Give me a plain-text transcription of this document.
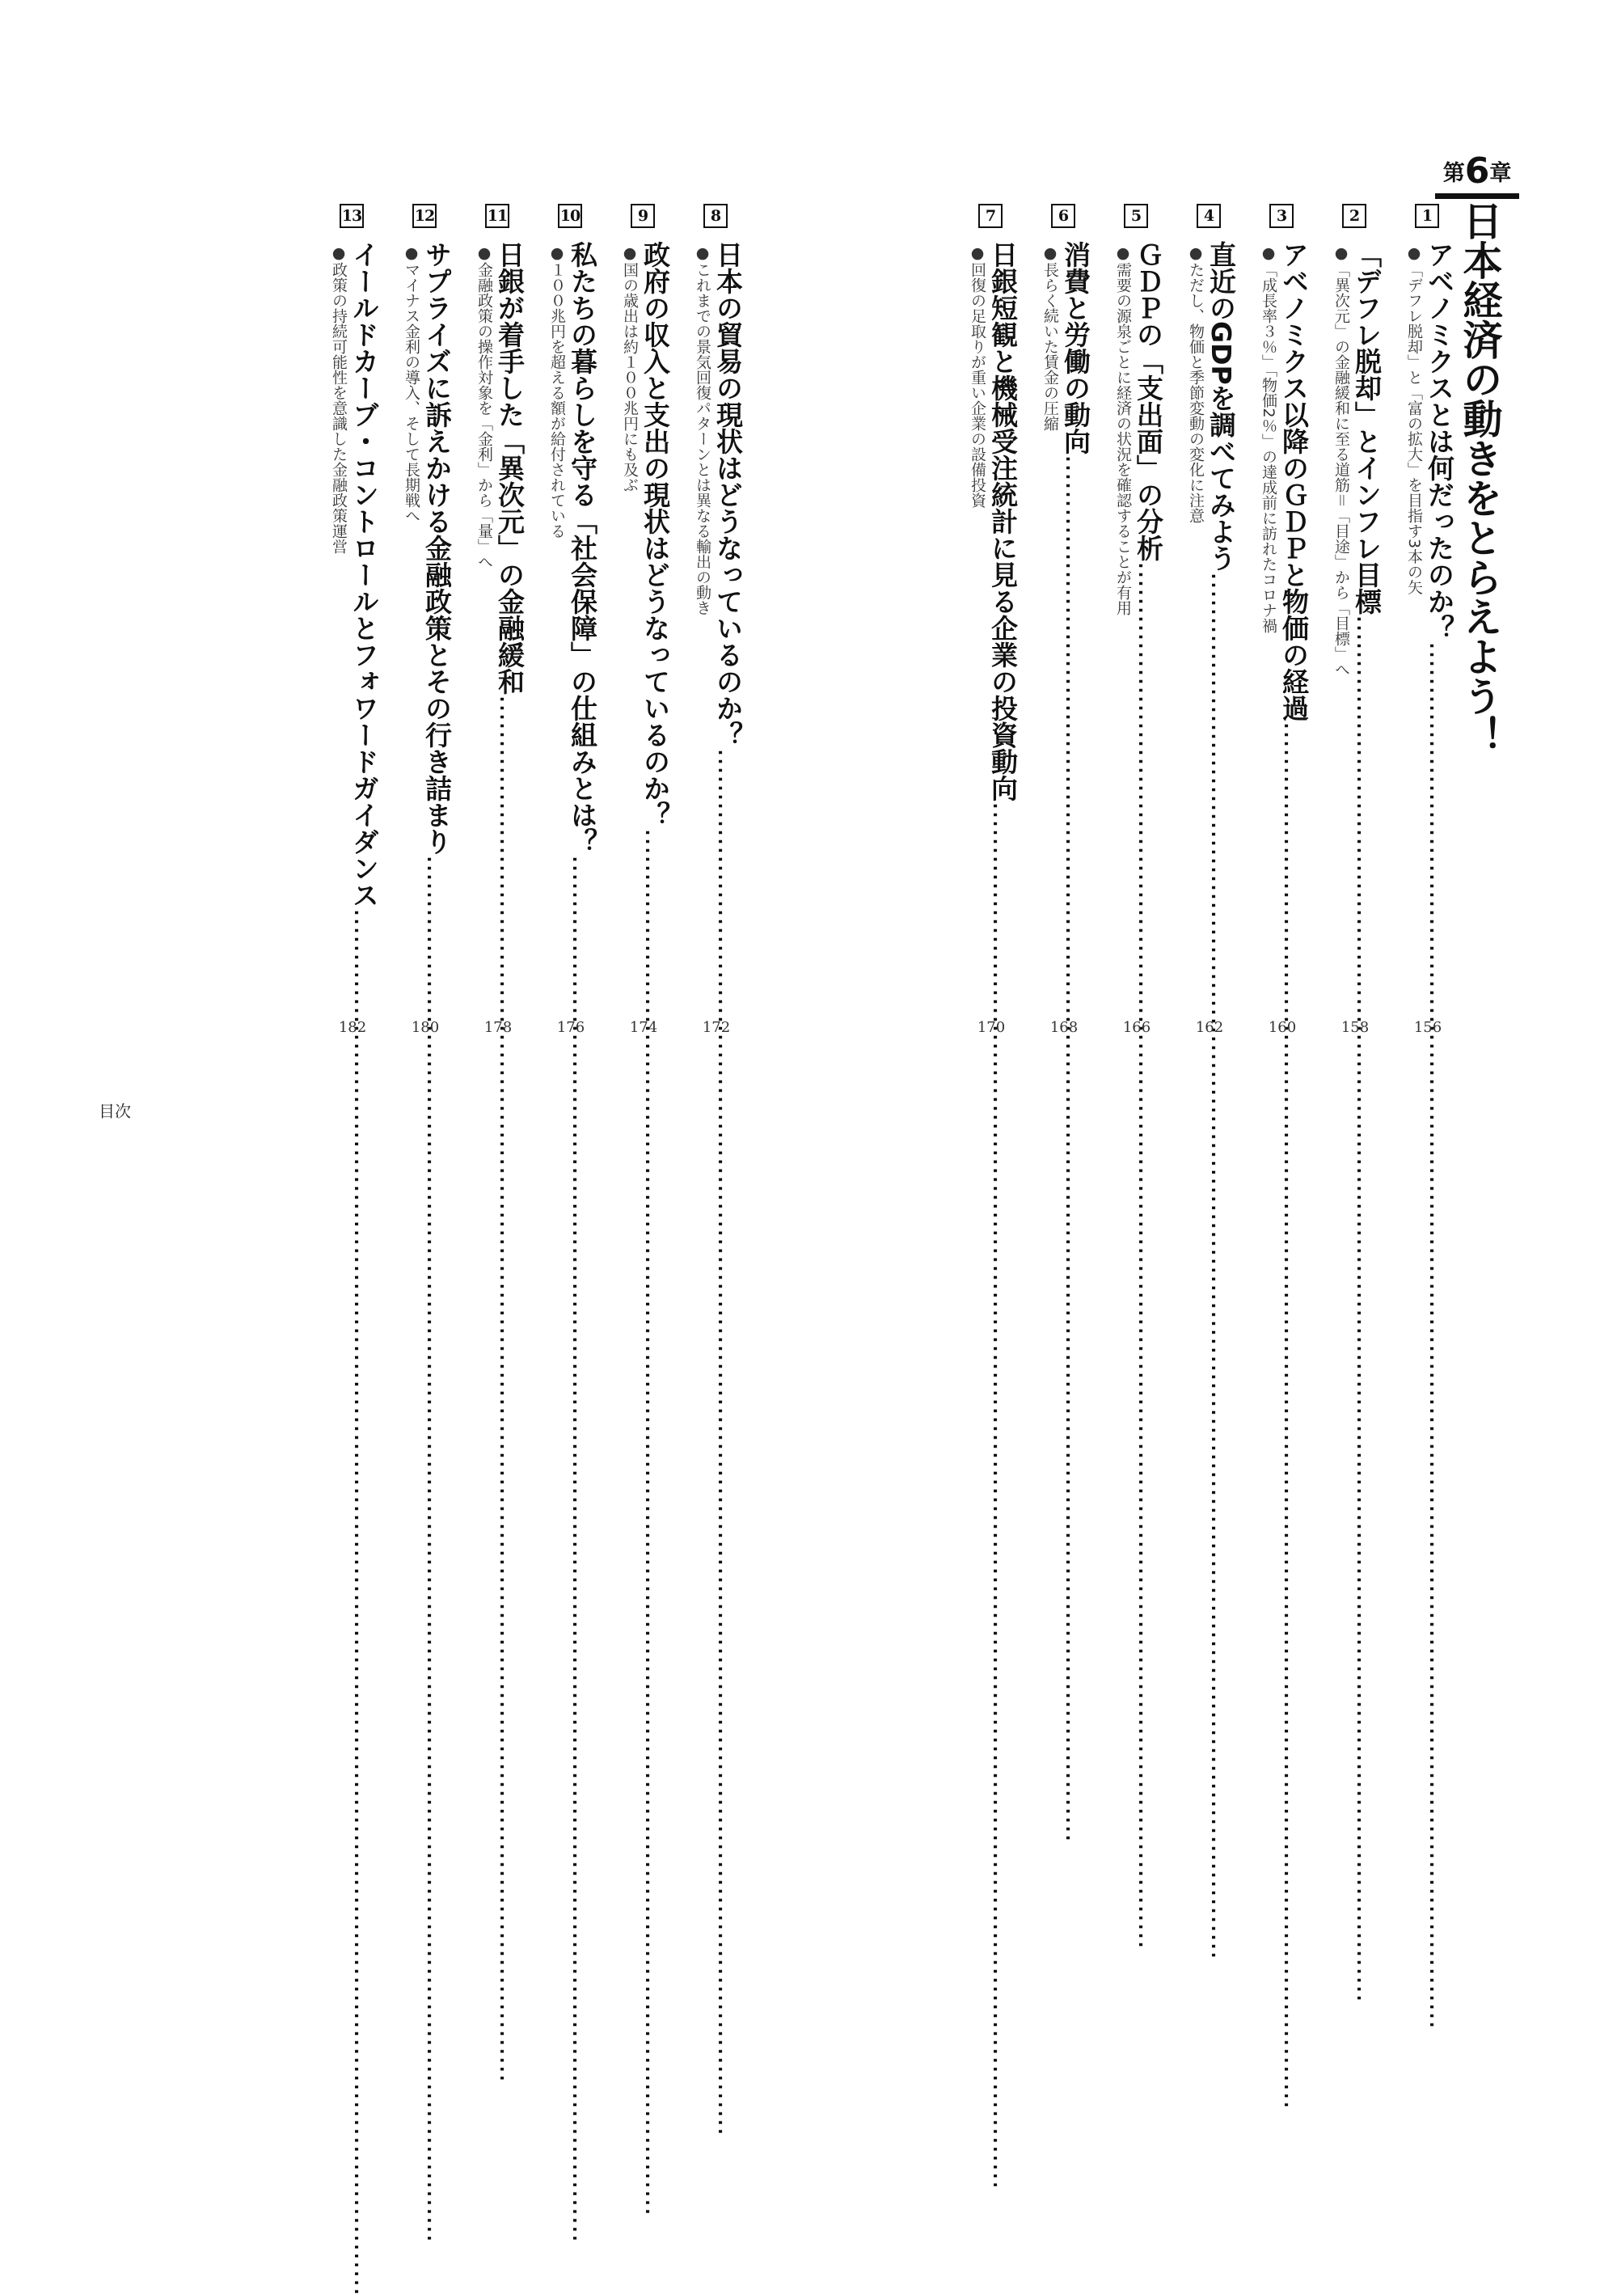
第6章
日本経済の動きをとらえよう！
1
アベノミクスとは何だったのか？ …………………………………………………………………………………………………………………………………………
●「デフレ脱却」と「富の拡大」を目指す3本の矢
156
2
「デフレ脱却」とインフレ目標 …………………………………………………………………………………………………………………………………………
●「異次元」の金融緩和に至る道筋＝「目途」から「目標」へ
158
3
アベノミクス以降のＧＤＰと物価の経過 …………………………………………………………………………………………………………………………………………
●「成長率３％」「物価2％」の達成前に訪れたコロナ禍
160
4
直近のGDPを調べてみよう …………………………………………………………………………………………………………………………………………
●ただし、物価と季節変動の変化に注意
162
5
ＧＤＰの「支出面」の分析 …………………………………………………………………………………………………………………………………………
●需要の源泉ごとに経済の状況を確認することが有用
166
6
消費と労働の動向 …………………………………………………………………………………………………………………………………………
●長らく続いた賃金の圧縮
168
7
日銀短観と機械受注統計に見る企業の投資動向 …………………………………………………………………………………………………………………………………………
●回復の足取りが重い企業の設備投資
170
8
日本の貿易の現状はどうなっているのか？ …………………………………………………………………………………………………………………………………………
●これまでの景気回復パターンとは異なる輸出の動き
172
9
政府の収入と支出の現状はどうなっているのか？ …………………………………………………………………………………………………………………………………………
●国の歳出は約１００兆円にも及ぶ
174
10
私たちの暮らしを守る「社会保障」の仕組みとは？ …………………………………………………………………………………………………………………………………………
●１００兆円を超える額が給付されている
176
11
日銀が着手した「異次元」の金融緩和 …………………………………………………………………………………………………………………………………………
●金融政策の操作対象を「金利」から「量」へ
178
12
サプライズに訴えかける金融政策とその行き詰まり …………………………………………………………………………………………………………………………………………
●マイナス金利の導入、そして長期戦へ
180
13
イールドカーブ・コントロールとフォワードガイダンス …………………………………………………………………………………………………………………………………………
●政策の持続可能性を意識した金融政策運営
182
目次
